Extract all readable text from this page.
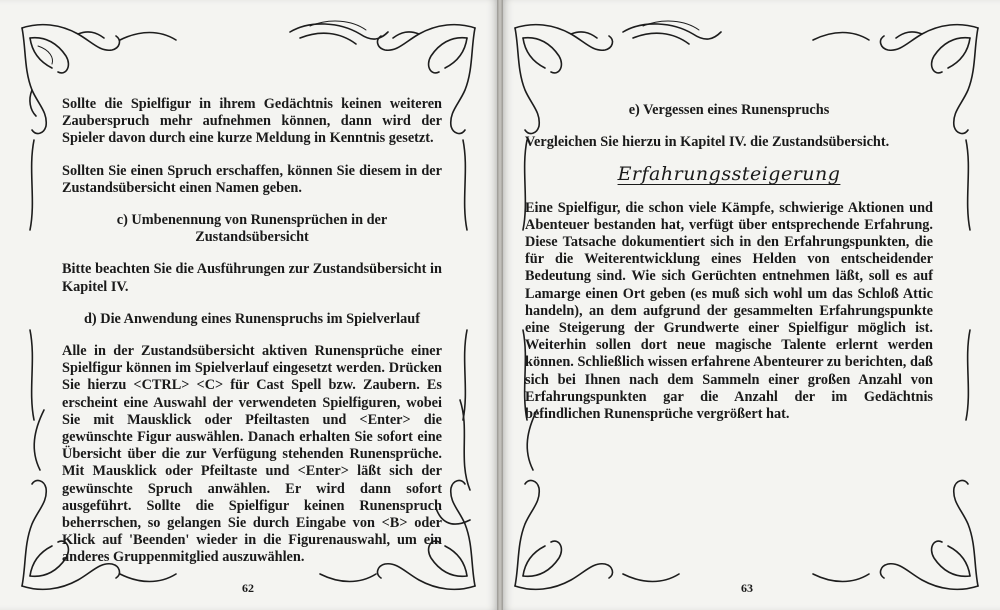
Sollte die Spielfigur in ihrem Gedächtnis keinen weiteren Zauberspruch mehr aufnehmen können, dann wird der Spieler davon durch eine kurze Meldung in Kenntnis gesetzt.

Sollten Sie einen Spruch erschaffen, können Sie diesem in der Zustandsübersicht einen Namen geben.

c) Umbenennung von Runensprüchen in der Zustandsübersicht

Bitte beachten Sie die Ausführungen zur Zustandsübersicht in Kapitel IV.

d) Die Anwendung eines Runenspruchs im Spielverlauf

Alle in der Zustandsübersicht aktiven Runensprüche einer Spielfigur können im Spielverlauf eingesetzt werden. Drücken Sie hierzu <CTRL> <C> für Cast Spell bzw. Zaubern. Es erscheint eine Auswahl der verwendeten Spielfiguren, wobei Sie mit Mausklick oder Pfeiltasten und <Enter> die gewünschte Figur auswählen. Danach erhalten Sie sofort eine Übersicht über die zur Verfügung stehenden Runensprüche. Mit Mausklick oder Pfeiltaste und <Enter> läßt sich der gewünschte Spruch anwählen. Er wird dann sofort ausgeführt. Sollte die Spielfigur keinen Runenspruch beherrschen, so gelangen Sie durch Eingabe von <B> oder Klick auf 'Beenden' wieder in die Figurenauswahl, um ein anderes Gruppenmitglied auszuwählen.

62
e) Vergessen eines Runenspruchs

Vergleichen Sie hierzu in Kapitel IV. die Zustandsübersicht.

Erfahrungssteigerung

Eine Spielfigur, die schon viele Kämpfe, schwierige Aktionen und Abenteuer bestanden hat, verfügt über entsprechende Erfahrung. Diese Tatsache dokumentiert sich in den Erfahrungspunkten, die für die Weiterentwicklung eines Helden von entscheidender Bedeutung sind. Wie sich Gerüchten entnehmen läßt, soll es auf Lamarge einen Ort geben (es muß sich wohl um das Schloß Attic handeln), an dem aufgrund der gesammelten Erfahrungspunkte eine Steigerung der Grundwerte einer Spielfigur möglich ist. Weiterhin sollen dort neue magische Talente erlernt werden können. Schließlich wissen erfahrene Abenteurer zu berichten, daß sich bei Ihnen nach dem Sammeln einer großen Anzahl von Erfahrungspunkten gar die Anzahl der im Gedächtnis befindlichen Runensprüche vergrößert hat.

63
